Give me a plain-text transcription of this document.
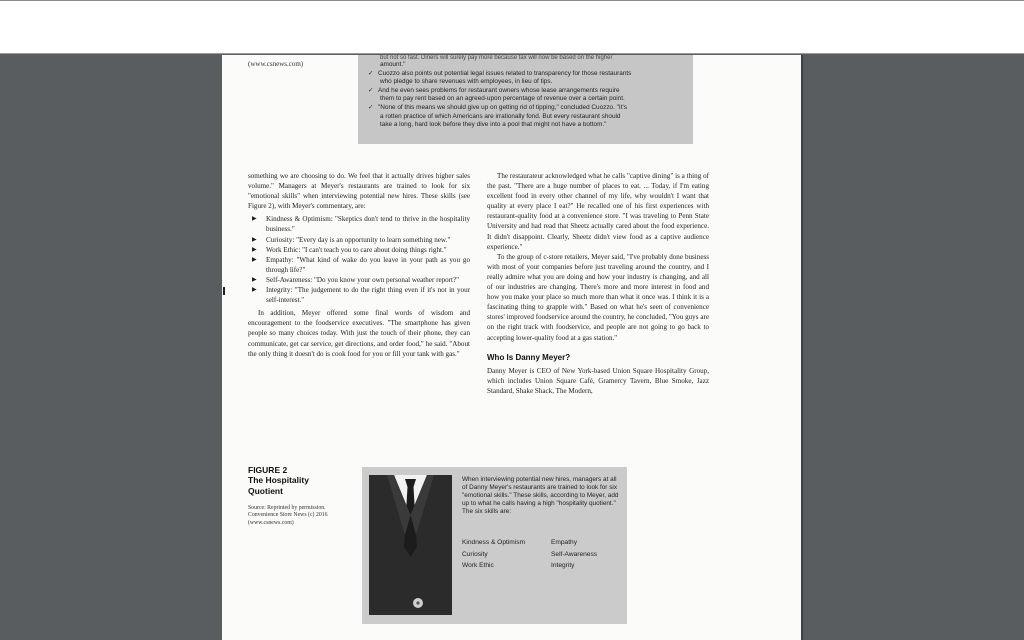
(www.csnews.com)
but not so fast. Diners will surely pay more because tax will now be based on the higher
amount."
✓ Cuozzo also points out potential legal issues related to transparency for those restaurants
who pledge to share revenues with employees, in lieu of tips.
✓ And he even sees problems for restaurant owners whose lease arrangements require
them to pay rent based on an agreed-upon percentage of revenue over a certain point.
✓ "None of this means we should give up on getting rid of tipping," concluded Cuozzo. "It's
a rotten practice of which Americans are irrationally fond. But every restaurant should
take a long, hard look before they dive into a pool that might not have a bottom."

something we are choosing to do. We feel that it actually drives higher sales volume." Managers at Meyer's restaurants are trained to look for six "emotional skills" when interviewing potential new hires. These skills (see Figure 2), with Meyer's commentary, are:

▶ Kindness & Optimism: "Skeptics don't tend to thrive in the hospitality business."
▶ Curiosity: "Every day is an opportunity to learn something new."
▶ Work Ethic: "I can't teach you to care about doing things right."
▶ Empathy: "What kind of wake do you leave in your path as you go through life?"
▶ Self-Awareness: "Do you know your own personal weather report?"
▶ Integrity: "The judgement to do the right thing even if it's not in your self-interest."

In addition, Meyer offered some final words of wisdom and encouragement to the foodservice executives. "The smartphone has given people so many choices today. With just the touch of their phone, they can communicate, get car service, get directions, and order food," he said. "About the only thing it doesn't do is cook food for you or fill your tank with gas."

The restaurateur acknowledged what he calls "captive dining" is a thing of the past. "There are a huge number of places to eat. ... Today, if I'm eating excellent food in every other channel of my life, why wouldn't I want that quality at every place I eat?" He recalled one of his first experiences with restaurant-quality food at a convenience store. "I was traveling to Penn State University and had read that Sheetz actually cared about the food experience. It didn't disappoint. Clearly, Sheetz didn't view food as a captive audience experience."

To the group of c-store retailers, Meyer said, "I've probably done business with most of your companies before just traveling around the country, and I really admire what you are doing and how your industry is changing, and all of our industries are changing. There's more and more interest in food and how you make your place so much more than what it once was. I think it is a fascinating thing to grapple with." Based on what he's seen of convenience stores' improved foodservice around the country, he concluded, "You guys are on the right track with foodservice, and people are not going to go back to accepting lower-quality food at a gas station."

Who Is Danny Meyer?

Danny Meyer is CEO of New York-based Union Square Hospitality Group, which includes Union Square Café, Gramercy Tavern, Blue Smoke, Jazz Standard, Shake Shack, The Modern,

FIGURE 2
The Hospitality Quotient
Source: Reprinted by permission. Convenience Store News (c) 2016 (www.csnews.com)
When interviewing potential new hires, managers at all of Danny Meyer's restaurants are trained to look for six "emotional skills." These skills, according to Meyer, add up to what he calls having a high "hospitality quotient." The six skills are:
Kindness & Optimism	Empathy
Curiosity	Self-Awareness
Work Ethic	Integrity
